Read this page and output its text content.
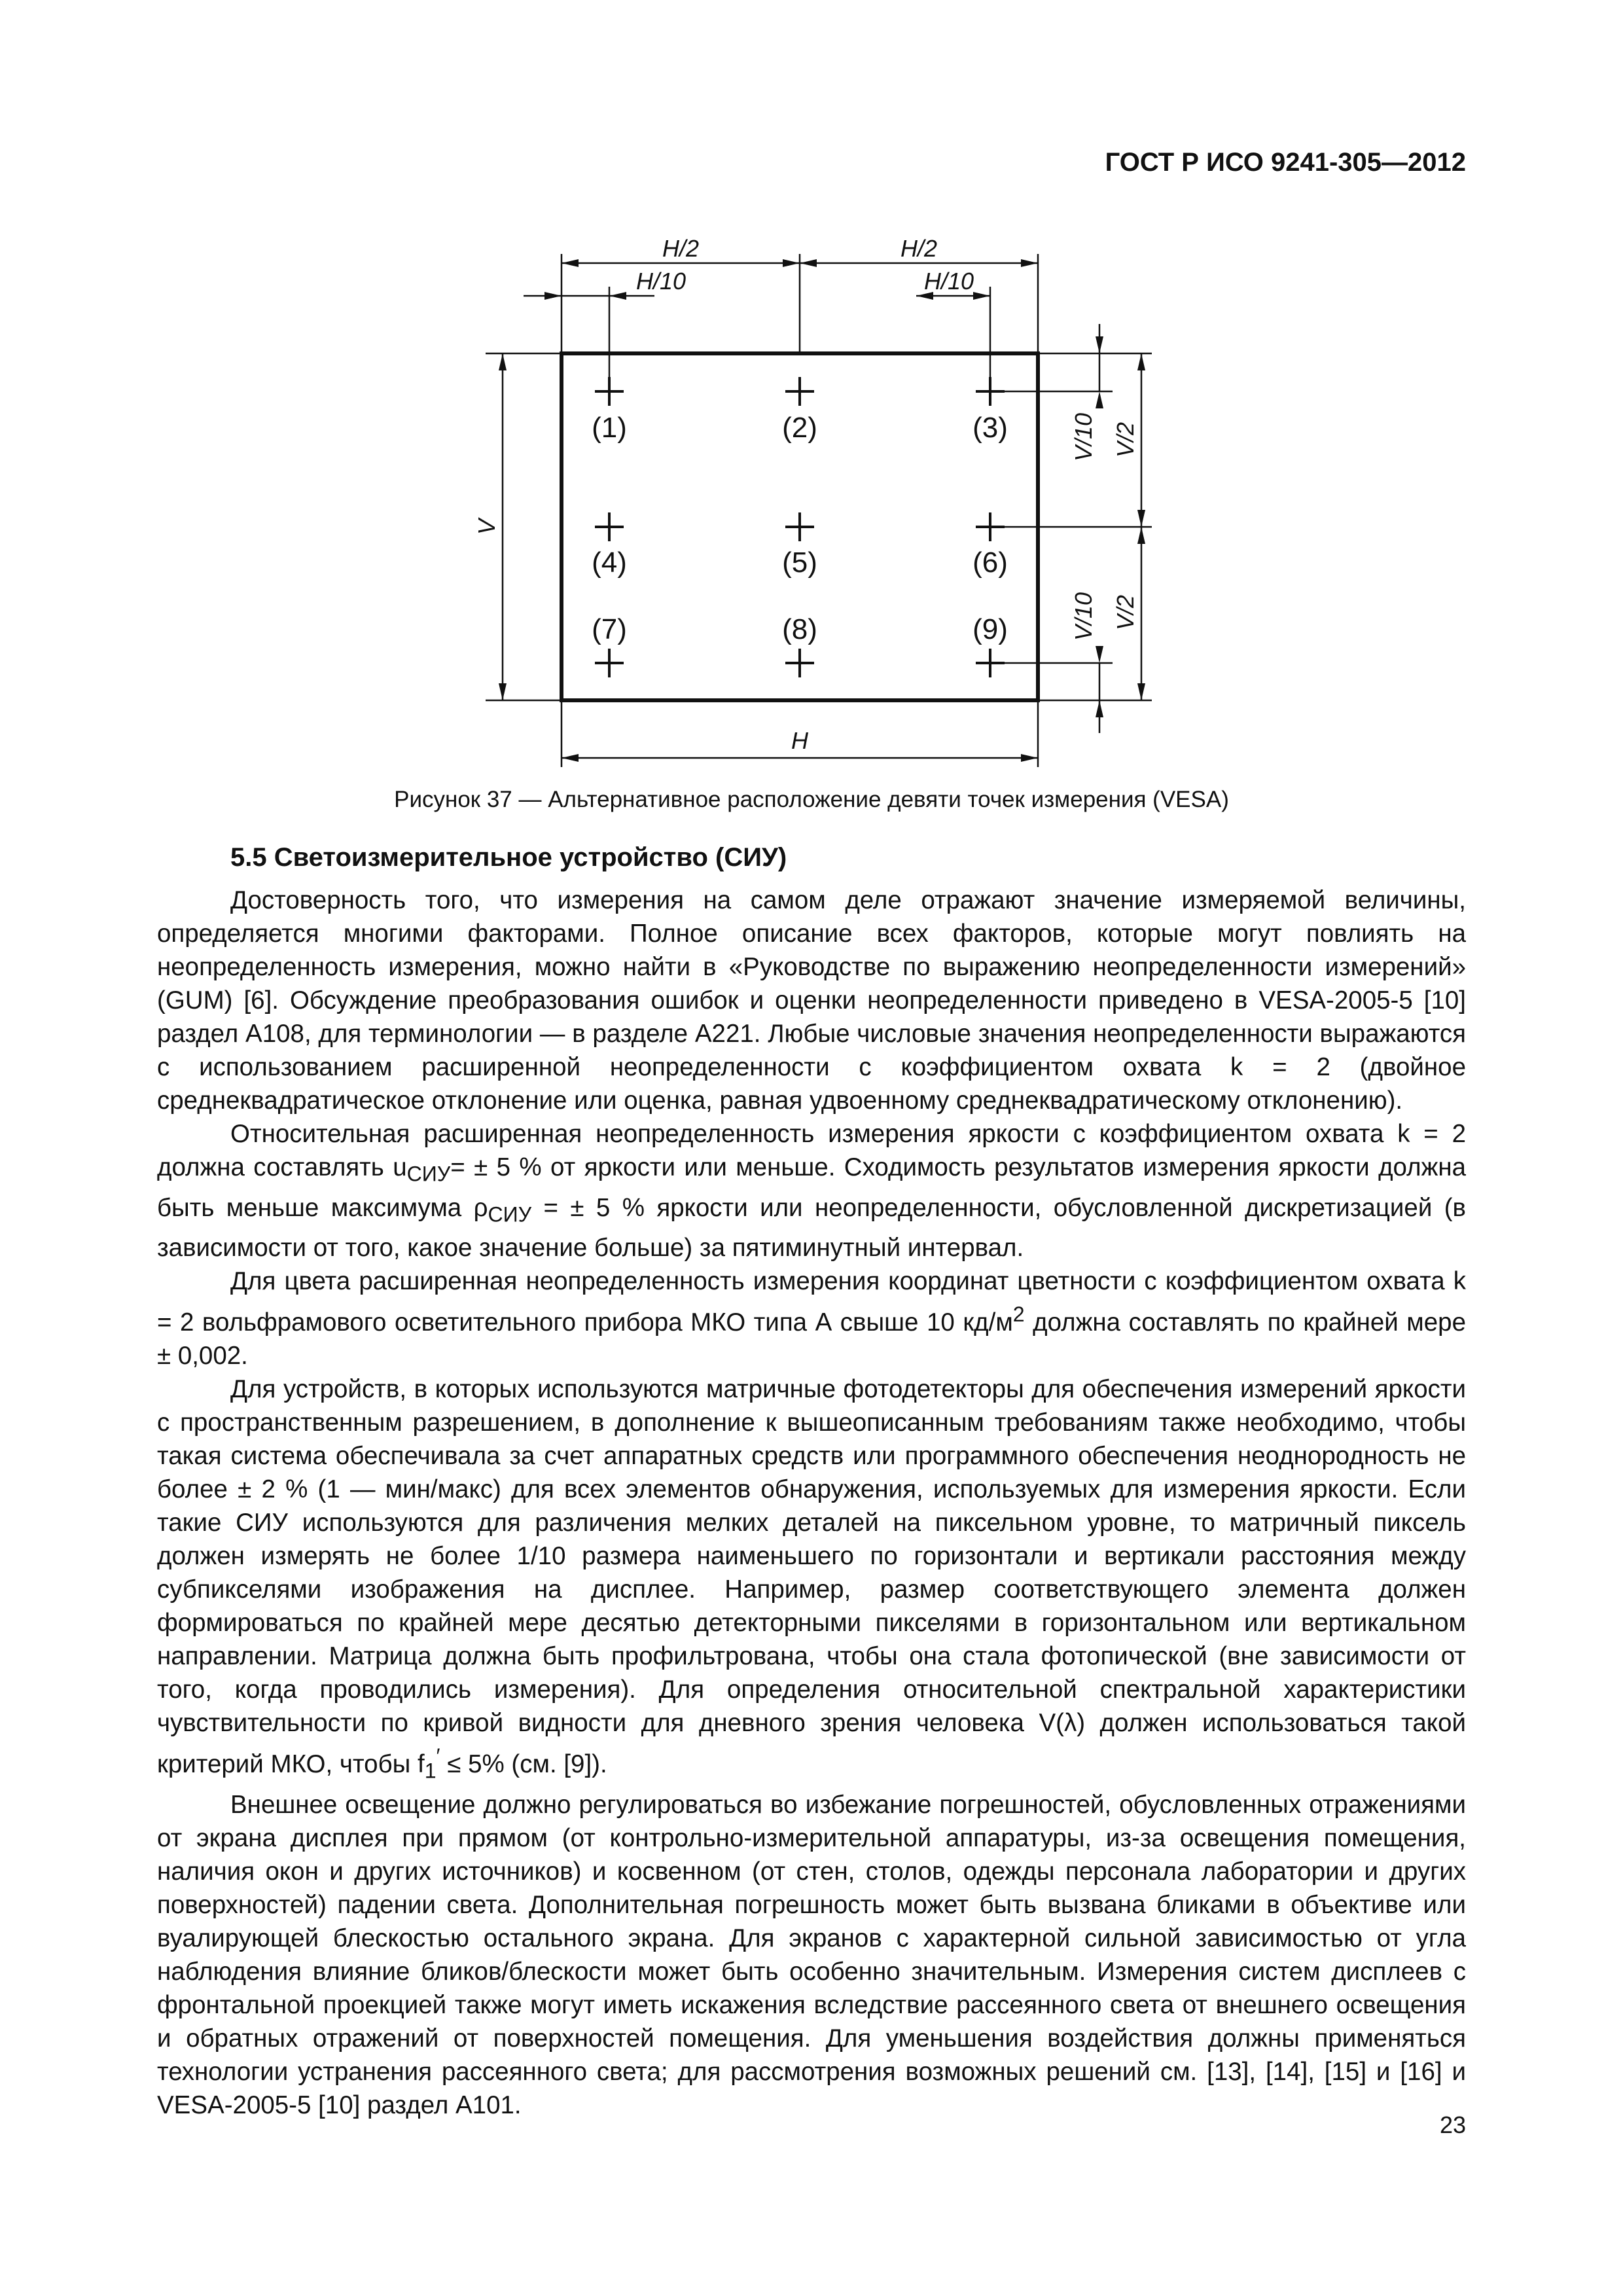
ГОСТ Р ИСО 9241-305—2012
(1)	(2)	(3)
(4)	(5)	(6)
(7)	(8)	(9)
H/2	H/2
H/10	H/10
H
V
V/10 V/2
V/10 V/2
Рисунок 37 — Альтернативное расположение девяти точек измерения (VESA)
5.5 Светоизмерительное устройство (СИУ)

Достоверность того, что измерения на самом деле отражают значение измеряемой величины, определяется многими факторами. Полное описание всех факторов, которые могут повлиять на неопределенность измерения, можно найти в «Руководстве по выражению неопределенности измерений» (GUM) [6]. Обсуждение преобразования ошибок и оценки неопределенности приведено в VESA-2005-5 [10] раздел A108, для терминологии — в разделе A221. Любые числовые значения неопределенности выражаются с использованием расширенной неопределенности с коэффициентом охвата k = 2 (двойное среднеквадратическое отклонение или оценка, равная удвоенному среднеквадратическому отклонению).

Относительная расширенная неопределенность измерения яркости с коэффициентом охвата k = 2 должна составлять $u_{СИУ}= \pm 5$ % от яркости или меньше. Сходимость результатов измерения яркости должна быть меньше максимума $\rho_{СИУ}$ = ± 5 % яркости или неопределенности, обусловленной дискретизацией (в зависимости от того, какое значение больше) за пятиминутный интервал.

Для цвета расширенная неопределенность измерения координат цветности с коэффициентом охвата k = 2 вольфрамового осветительного прибора МКО типа А свыше 10 $кд/м^2$ должна составлять по крайней мере ± 0,002.

Для устройств, в которых используются матричные фотодетекторы для обеспечения измерений яркости с пространственным разрешением, в дополнение к вышеописанным требованиям также необходимо, чтобы такая система обеспечивала за счет аппаратных средств или программного обеспечения неоднородность не более ± 2 % (1 — мин/макс) для всех элементов обнаружения, используемых для измерения яркости. Если такие СИУ используются для различения мелких деталей на пиксельном уровне, то матричный пиксель должен измерять не более 1/10 размера наименьшего по горизонтали и вертикали расстояния между субпикселями изображения на дисплее. Например, размер соответствующего элемента должен формироваться по крайней мере десятью детекторными пикселями в горизонтальном или вертикальном направлении. Матрица должна быть профильтрована, чтобы она стала фотопической (вне зависимости от того, когда проводились измерения). Для определения относительной спектральной характеристики чувствительности по кривой видности для дневного зрения человека V(λ) должен использоваться такой критерий МКО, чтобы $f_1' \le 5\%$ (см. [9]).

Внешнее освещение должно регулироваться во избежание погрешностей, обусловленных отражениями от экрана дисплея при прямом (от контрольно-измерительной аппаратуры, из-за освещения помещения, наличия окон и других источников) и косвенном (от стен, столов, одежды персонала лаборатории и других поверхностей) падении света. Дополнительная погрешность может быть вызвана бликами в объективе или вуалирующей блескостью остального экрана. Для экранов с характерной сильной зависимостью от угла наблюдения влияние бликов/блескости может быть особенно значительным. Измерения систем дисплеев с фронтальной проекцией также могут иметь искажения вследствие рассеянного света от внешнего освещения и обратных отражений от поверхностей помещения. Для уменьшения воздействия должны применяться технологии устранения рассеянного света; для рассмотрения возможных решений см. [13], [14], [15] и [16] и VESA-2005-5 [10] раздел A101.

23
